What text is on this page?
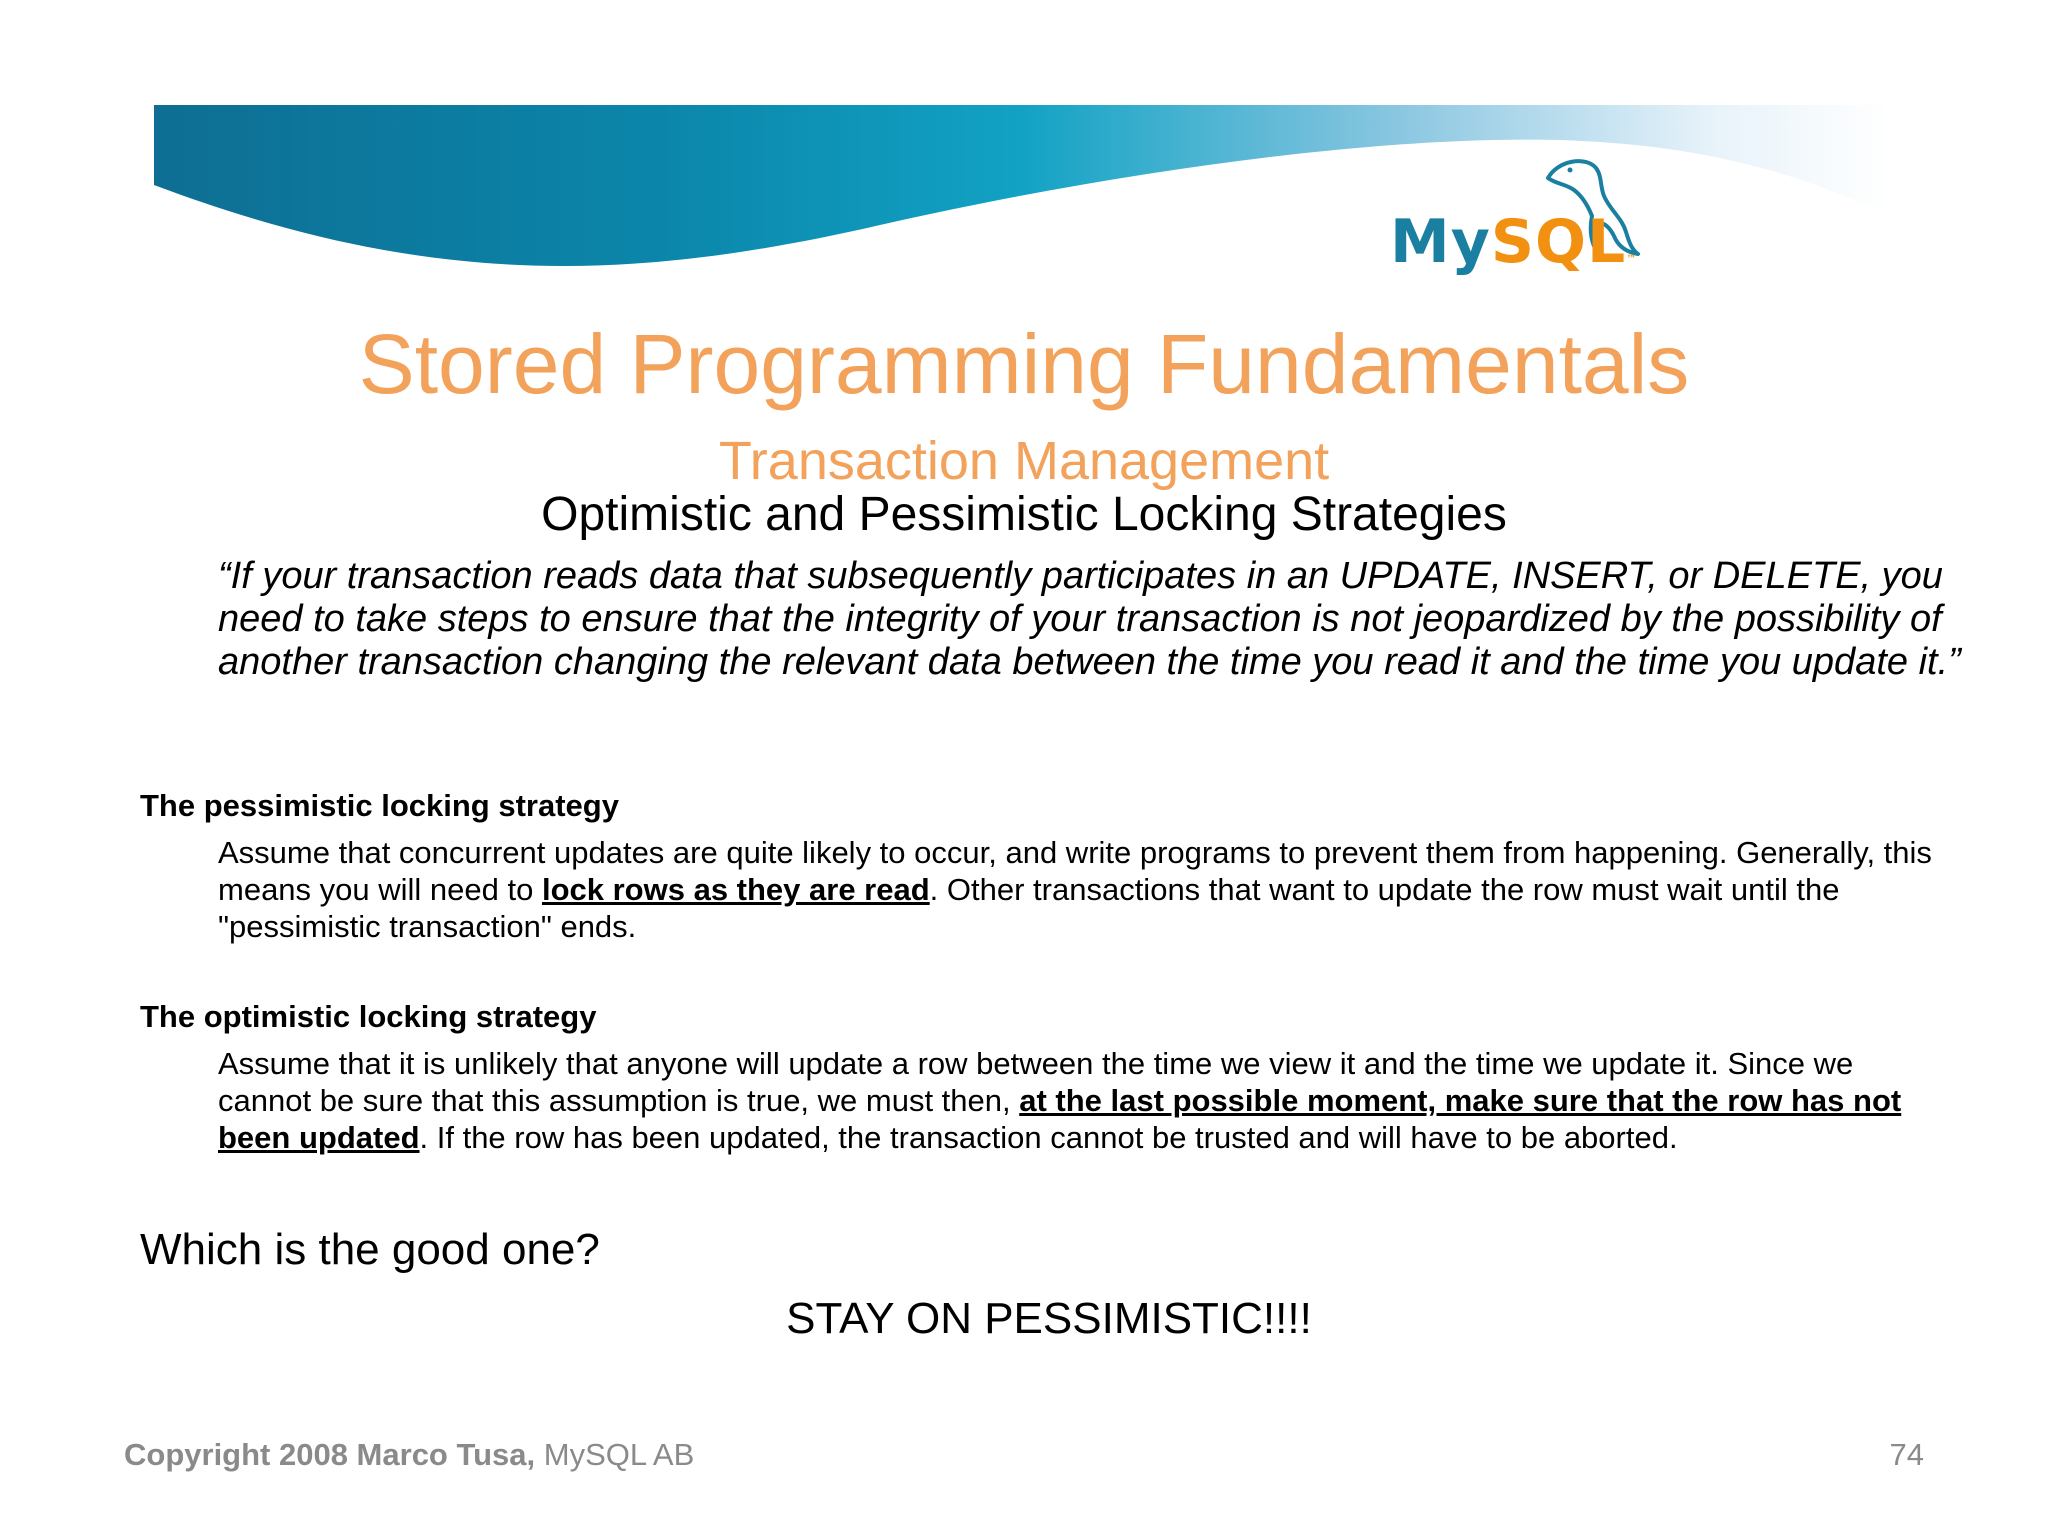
MySQL™
Stored Programming Fundamentals
Transaction Management
Optimistic and Pessimistic Locking Strategies
“If your transaction reads data that subsequently participates in an UPDATE, INSERT, or DELETE, you need to take steps to ensure that the integrity of your transaction is not jeopardized by the possibility of another transaction changing the relevant data between the time you read it and the time you update it.”
The pessimistic locking strategy
Assume that concurrent updates are quite likely to occur, and write programs to prevent them from happening. Generally, this means you will need to lock rows as they are read. Other transactions that want to update the row must wait until the "pessimistic transaction" ends.
The optimistic locking strategy
Assume that it is unlikely that anyone will update a row between the time we view it and the time we update it. Since we cannot be sure that this assumption is true, we must then, at the last possible moment, make sure that the row has not been updated. If the row has been updated, the transaction cannot be trusted and will have to be aborted.
Which is the good one?
STAY ON PESSIMISTIC!!!!
Copyright 2008 Marco Tusa, MySQL AB	74
